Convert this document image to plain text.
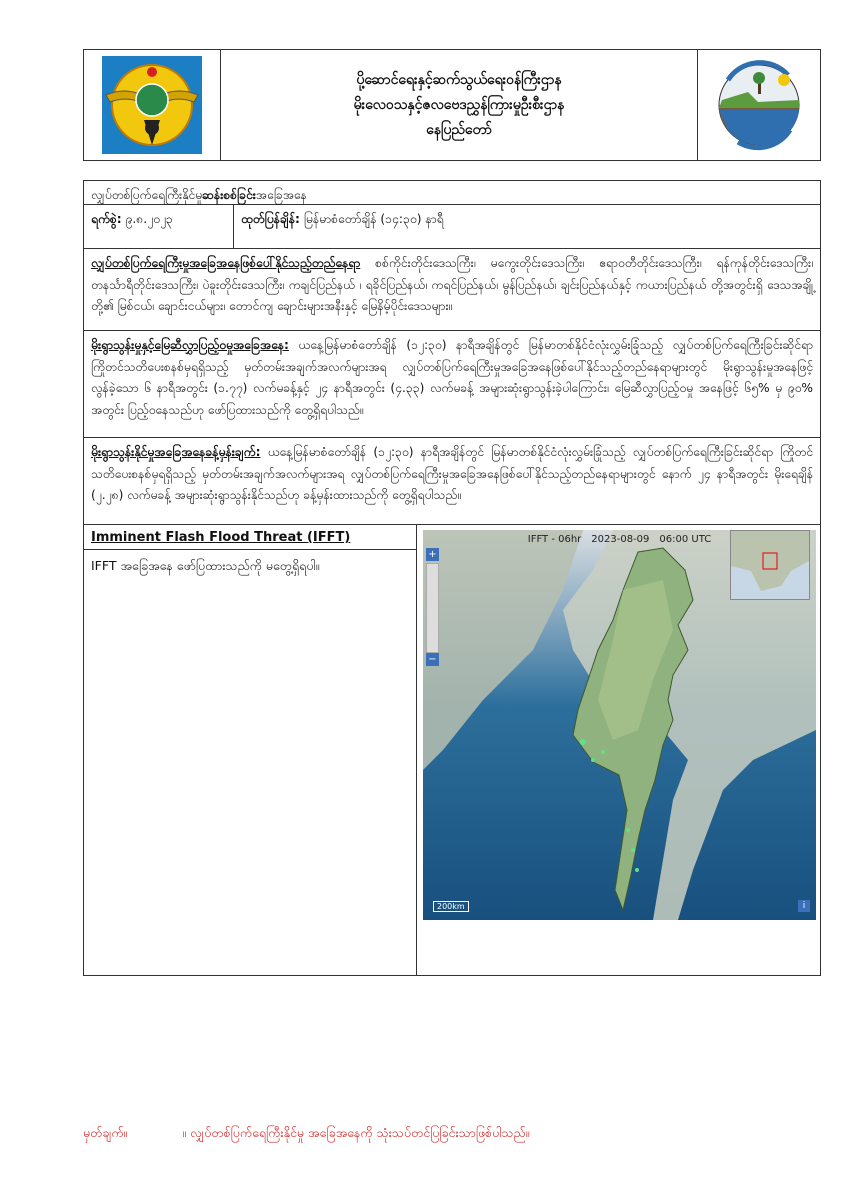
ပို့ဆောင်ရေးနှင့်ဆက်သွယ်ရေးဝန်ကြီးဌာန
မိုးလေဝသနှင့်ဇလဗေဒညွှန်ကြားမှုဦးစီးဌာန
နေပြည်တော်
လျှပ်တစ်ပြက်ရေကြီးနိုင်မှုဆန်းစစ်ခြင်းအခြေအနေ
ရက်စွဲ: ၉.၈.၂၀၂၃	ထုတ်ပြန်ချိန်: မြန်မာစံတော်ချိန် (၁၄:၃၀) နာရီ
လျှပ်တစ်ပြက်ရေကြီးမှုအခြေအနေဖြစ်ပေါ်နိုင်သည့်တည်နေရာ စစ်ကိုင်းတိုင်းဒေသကြီး၊ မကွေးတိုင်းဒေသကြီး၊ ဧရာဝတီတိုင်းဒေသကြီး၊ ရန်ကုန်တိုင်းဒေသကြီး၊ တနင်္သာရီတိုင်းဒေသကြီး၊ ပဲခူးတိုင်းဒေသကြီး၊ ကချင်ပြည်နယ် ၊ ရခိုင်ပြည်နယ်၊ ကရင်ပြည်နယ်၊ မွန်ပြည်နယ်၊ ချင်းပြည်နယ်နှင့် ကယားပြည်နယ် တို့အတွင်းရှိ ဒေသအချို့တို့၏ မြစ်ငယ်၊ ချောင်းငယ်များ၊ တောင်ကျ ချောင်းများအနီးနှင့် မြေနိမ့်ပိုင်းဒေသများ။
မိုးရွာသွန်းမှုနှင့်မြေဆီလွှာပြည့်ဝမှုအခြေအနေ: ယနေ့မြန်မာစံတော်ချိန် (၁၂:၃၀) နာရီအချိန်တွင် မြန်မာတစ်နိုင်ငံလုံးလွှမ်းခြုံသည့် လျှပ်တစ်ပြက်ရေကြီးခြင်းဆိုင်ရာ ကြိုတင်သတိပေးစနစ်မှရရှိသည့် မှတ်တမ်းအချက်အလက်များအရ လျှပ်တစ်ပြက်ရေကြီးမှုအခြေအနေဖြစ်ပေါ်နိုင်သည့်တည်နေရာများတွင် မိုးရွာသွန်းမှုအနေဖြင့် လွန်ခဲ့သော ၆ နာရီအတွင်း (၁.၇၇) လက်မခန့်နှင့် ၂၄ နာရီအတွင်း (၄.၃၃) လက်မခန့် အများဆုံးရွာသွန်းခဲ့ပါကြောင်း၊ မြေဆီလွှာပြည့်ဝမှု အနေဖြင့် ၆၅% မှ ၉၀% အတွင်း ပြည့်ဝနေသည်ဟု ဖော်ပြထားသည်ကို တွေ့ရှိရပါသည်။
မိုးရွာသွန်းနိုင်မှုအခြေအနေခန့်မှန်းချက်: ယနေ့မြန်မာစံတော်ချိန် (၁၂:၃၀) နာရီအချိန်တွင် မြန်မာတစ်နိုင်ငံလုံးလွှမ်းခြုံသည့် လျှပ်တစ်ပြက်ရေကြီးခြင်းဆိုင်ရာ ကြိုတင်သတိပေးစနစ်မှရရှိသည့် မှတ်တမ်းအချက်အလက်များအရ လျှပ်တစ်ပြက်ရေကြီးမှုအခြေအနေဖြစ်ပေါ်နိုင်သည့်တည်နေရာများတွင် နောက် ၂၄ နာရီအတွင်း မိုးရေချိန် (၂.၂၈) လက်မခန့် အများဆုံးရွာသွန်းနိုင်သည်ဟု ခန့်မှန်းထားသည်ကို တွေ့ရှိရပါသည်။
Imminent Flash Flood Threat (IFFT)
IFFT အခြေအနေ ဖော်ပြထားသည်ကို မတွေ့ရှိရပါ။
IFFT - 06hr 2023-08-09 06:00 UTC
+
−
200km	i
မှတ်ချက်။	။ လျှပ်တစ်ပြက်ရေကြီးနိုင်မှု အခြေအနေကို သုံးသပ်တင်ပြခြင်းသာဖြစ်ပါသည်။
